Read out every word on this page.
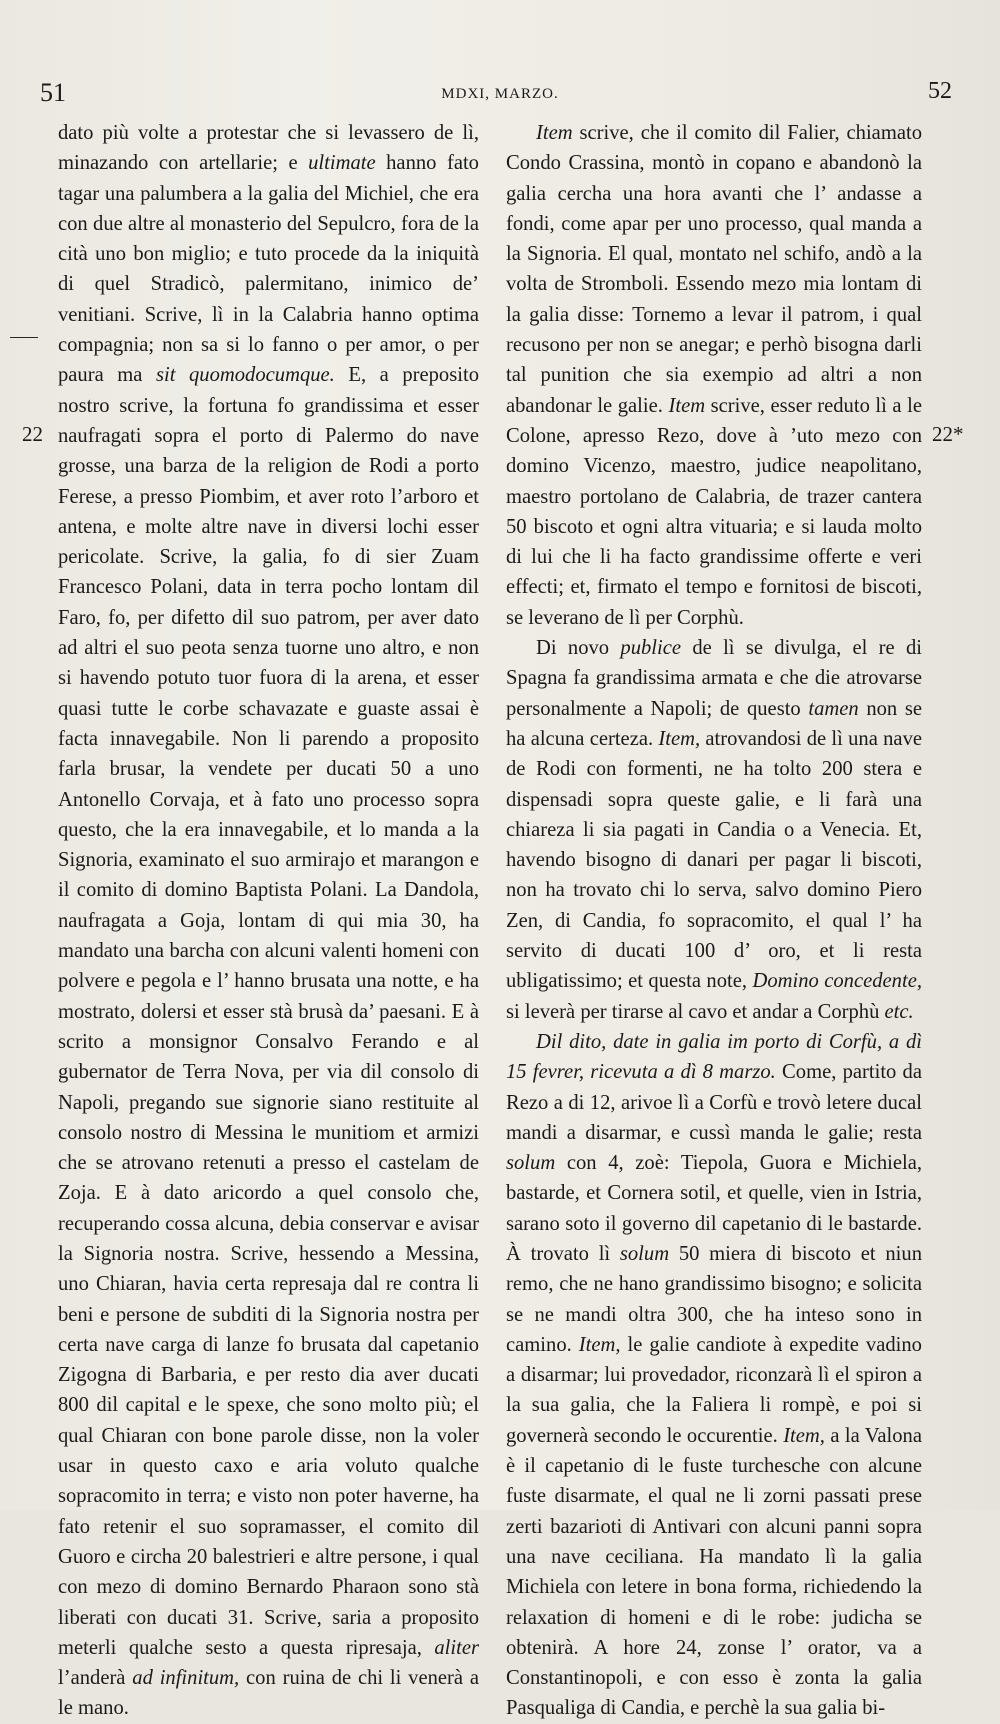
51	MDXI, MARZO.	52
22	22*

dato più volte a protestar che si levassero de lì, minazando con artellarie; e ultimate hanno fato tagar una palumbera a la galia del Michiel, che era con due altre al monasterio del Sepulcro, fora de la cità uno bon miglio; e tuto procede da la iniquità di quel Stradicò, palermitano, inimico de’ venitiani. Scrive, lì in la Calabria hanno optima compagnia; non sa si lo fanno o per amor, o per paura ma sit quomodocumque. E, a preposito nostro scrive, la fortuna fo grandissima et esser naufragati sopra el porto di Palermo do nave grosse, una barza de la religion de Rodi a porto Ferese, a presso Piombim, et aver roto l’arboro et antena, e molte altre nave in diversi lochi esser pericolate. Scrive, la galia, fo di sier Zuam Francesco Polani, data in terra pocho lontam dil Faro, fo, per difetto dil suo patrom, per aver dato ad altri el suo peota senza tuorne uno altro, e non si havendo potuto tuor fuora di la arena, et esser quasi tutte le corbe schavazate e guaste assai è facta innavegabile. Non li parendo a proposito farla brusar, la vendete per ducati 50 a uno Antonello Corvaja, et à fato uno processo sopra questo, che la era innavegabile, et lo manda a la Signoria, examinato el suo armirajo et marangon e il comito di domino Baptista Polani. La Dandola, naufragata a Goja, lontam di qui mia 30, ha mandato una barcha con alcuni valenti homeni con polvere e pegola e l’ hanno brusata una notte, e ha mostrato, dolersi et esser stà brusà da’ paesani. E à scrito a monsignor Consalvo Ferando e al gubernator de Terra Nova, per via dil consolo di Napoli, pregando sue signorie siano restituite al consolo nostro di Messina le munitiom et armizi che se atrovano retenuti a presso el castelam de Zoja. E à dato aricordo a quel consolo che, recuperando cossa alcuna, debia conservar e avisar la Signoria nostra. Scrive, hessendo a Messina, uno Chiaran, havia certa represaja dal re contra li beni e persone de subditi di la Signoria nostra per certa nave carga di lanze fo brusata dal capetanio Zigogna di Barbaria, e per resto dia aver ducati 800 dil capital e le spexe, che sono molto più; el qual Chiaran con bone parole disse, non la voler usar in questo caxo e aria voluto qualche sopracomito in terra; e visto non poter haverne, ha fato retenir el suo sopramasser, el comito dil Guoro e circha 20 balestrieri e altre persone, i qual con mezo di domino Bernardo Pharaon sono stà liberati con ducati 31. Scrive, saria a proposito meterli qualche sesto a questa ripresaja, aliter l’anderà ad infinitum, con ruina de chi li venerà a le mano.

Item scrive, che il comito dil Falier, chiamato Condo Crassina, montò in copano e abandonò la galia cercha una hora avanti che l’ andasse a fondi, come apar per uno processo, qual manda a la Signoria. El qual, montato nel schifo, andò a la volta de Stromboli. Essendo mezo mia lontam di la galia disse: Tornemo a levar il patrom, i qual recusono per non se anegar; e perhò bisogna darli tal punition che sia exempio ad altri a non abandonar le galie. Item scrive, esser reduto lì a le Colone, apresso Rezo, dove à ’uto mezo con domino Vicenzo, maestro, judice neapolitano, maestro portolano de Calabria, de trazer cantera 50 biscoto et ogni altra vituaria; e si lauda molto di lui che li ha facto grandissime offerte e veri effecti; et, firmato el tempo e fornitosi de biscoti, se leverano de lì per Corphù.

Di novo publice de lì se divulga, el re di Spagna fa grandissima armata e che die atrovarse personalmente a Napoli; de questo tamen non se ha alcuna certeza. Item, atrovandosi de lì una nave de Rodi con formenti, ne ha tolto 200 stera e dispensadi sopra queste galie, e li farà una chiareza li sia pagati in Candia o a Venecia. Et, havendo bisogno di danari per pagar li biscoti, non ha trovato chi lo serva, salvo domino Piero Zen, di Candia, fo sopracomito, el qual l’ ha servito di ducati 100 d’ oro, et li resta ubligatissimo; et questa note, Domino concedente, si leverà per tirarse al cavo et andar a Corphù etc.

Dil dito, date in galia im porto di Corfù, a dì 15 fevrer, ricevuta a dì 8 marzo. Come, partito da Rezo a di 12, arivoe lì a Corfù e trovò letere ducal mandi a disarmar, e cussì manda le galie; resta solum con 4, zoè: Tiepola, Guora e Michiela, bastarde, et Cornera sotil, et quelle, vien in Istria, sarano soto il governo dil capetanio di le bastarde. À trovato lì solum 50 miera di biscoto et niun remo, che ne hano grandissimo bisogno; e solicita se ne mandi oltra 300, che ha inteso sono in camino. Item, le galie candiote à expedite vadino a disarmar; lui provedador, riconzarà lì el spiron a la sua galia, che la Faliera li rompè, e poi si governerà secondo le occurentie. Item, a la Valona è il capetanio di le fuste turchesche con alcune fuste disarmate, el qual ne li zorni passati prese zerti bazarioti di Antivari con alcuni panni sopra una nave ceciliana. Ha mandato lì la galia Michiela con letere in bona forma, richiedendo la relaxation di homeni e di le robe: judicha se obtenirà. A hore 24, zonse l’ orator, va a Constantinopoli, e con esso è zonta la galia Pasqualiga di Candia, e perchè la sua galia bi-
